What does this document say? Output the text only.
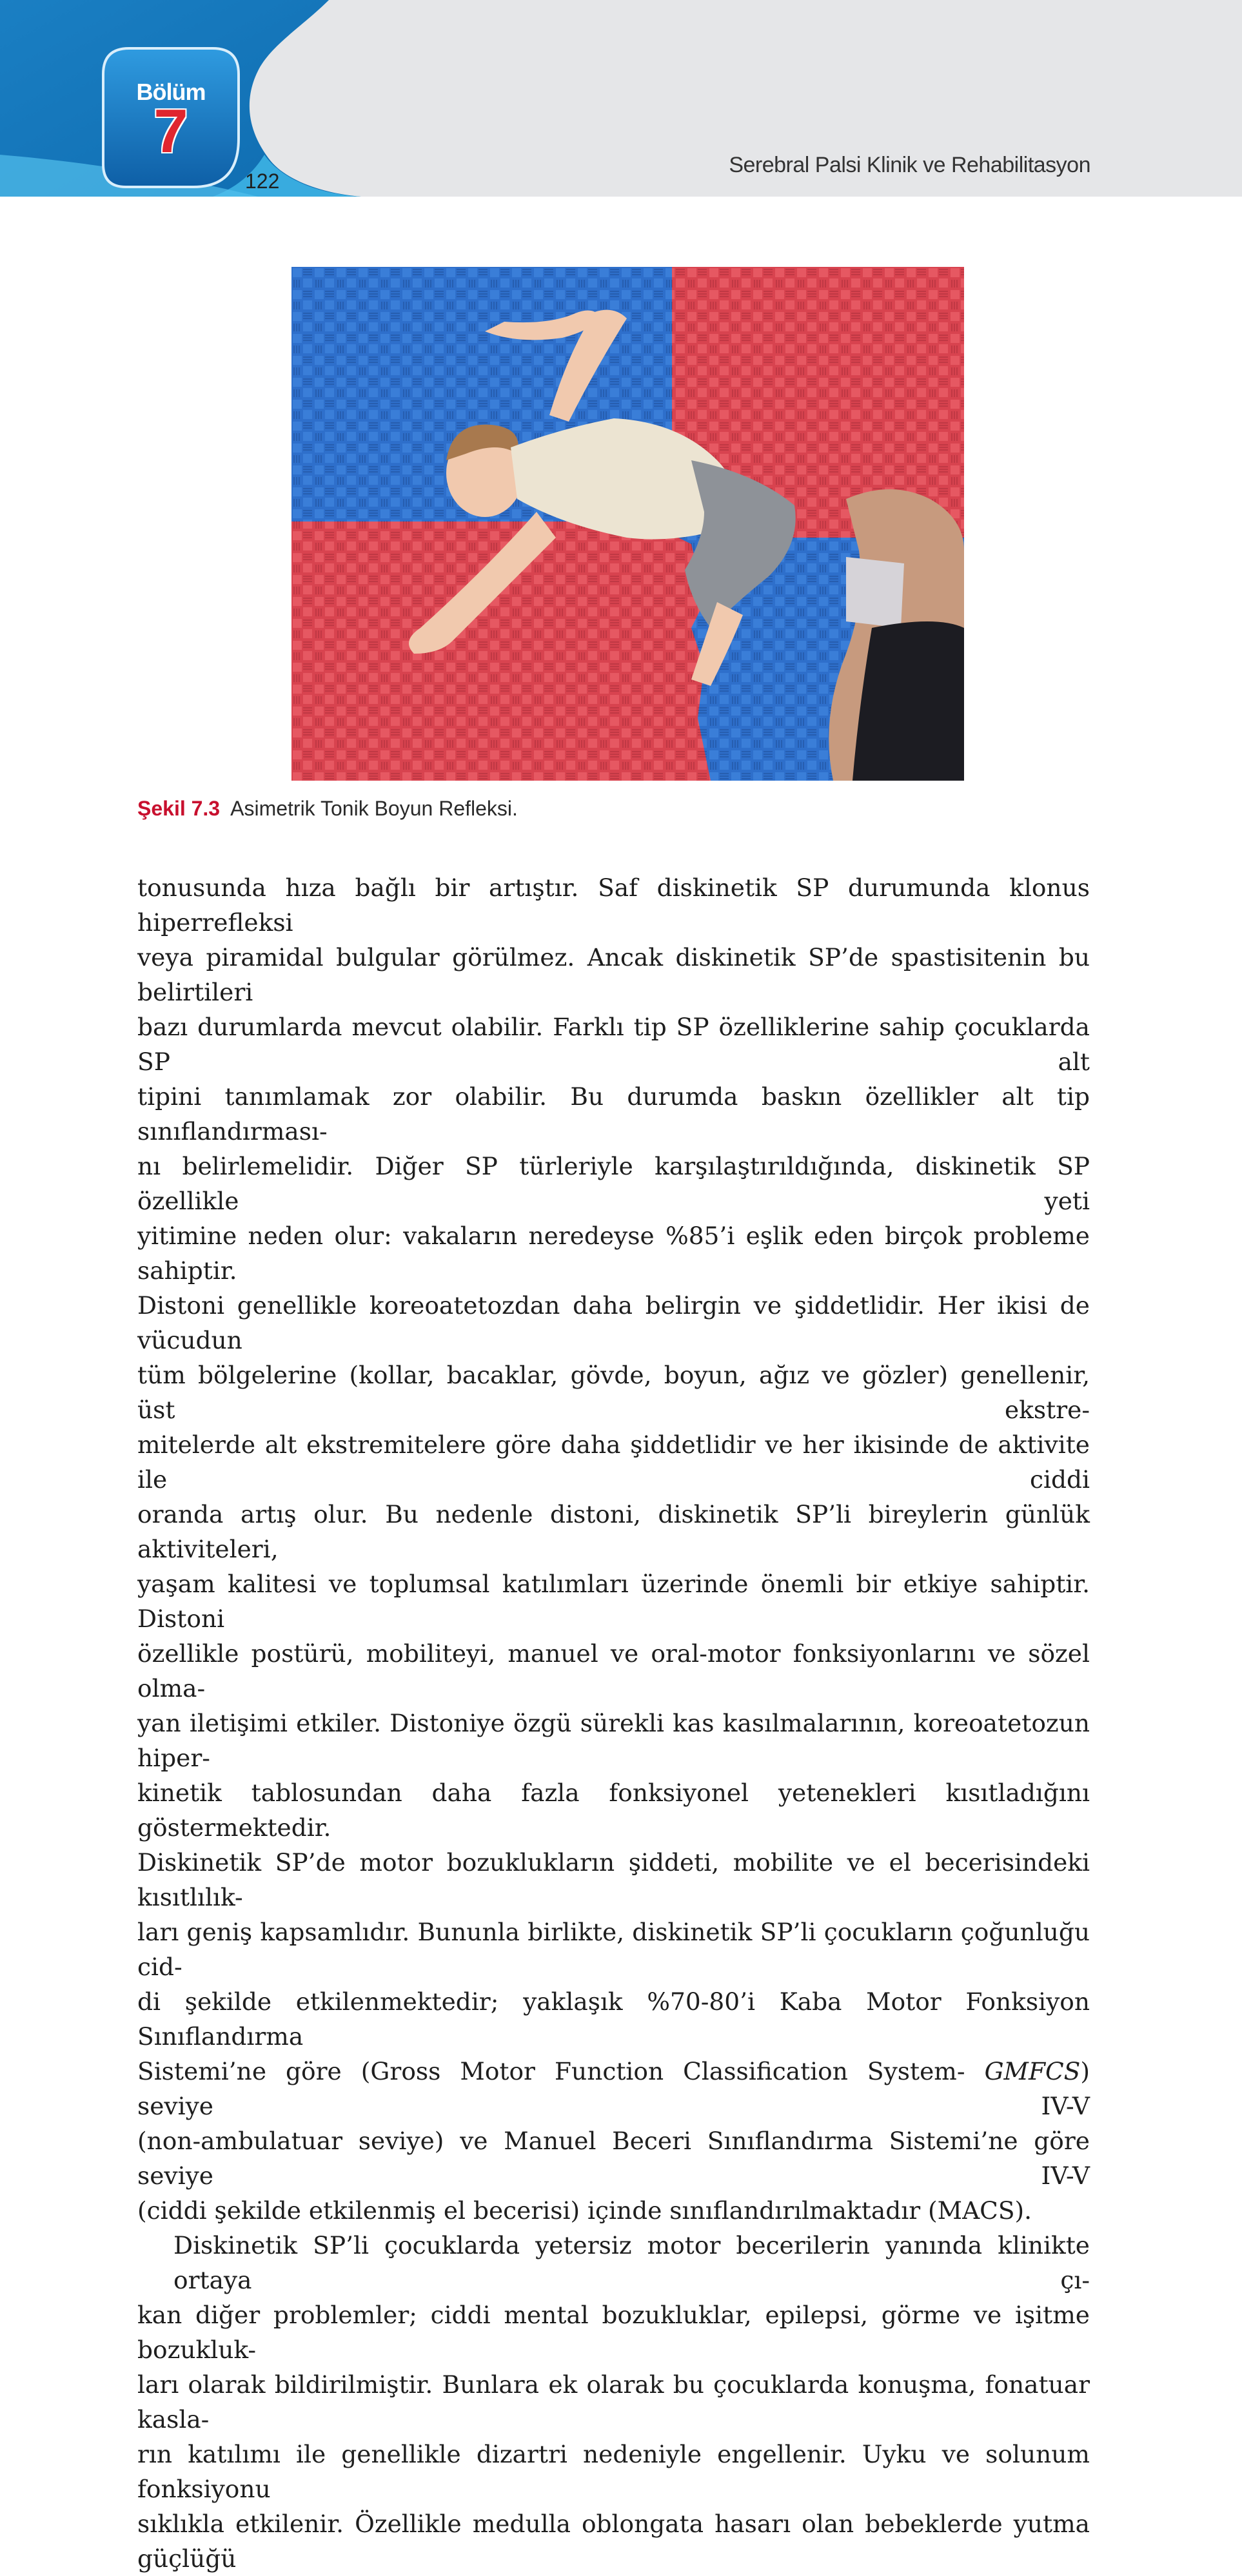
Bölüm
7
122
Serebral Palsi Klinik ve Rehabilitasyon
Şekil 7.3 Asimetrik Tonik Boyun Refleksi.

tonusunda hıza bağlı bir artıştır. Saf diskinetik SP durumunda klonus hiperrefleksi

veya piramidal bulgular görülmez. Ancak diskinetik SP’de spastisitenin bu belirtileri

bazı durumlarda mevcut olabilir. Farklı tip SP özelliklerine sahip çocuklarda SP alt

tipini tanımlamak zor olabilir. Bu durumda baskın özellikler alt tip sınıflandırması-

nı belirlemelidir. Diğer SP türleriyle karşılaştırıldığında, diskinetik SP özellikle yeti

yitimine neden olur: vakaların neredeyse %85’i eşlik eden birçok probleme sahiptir.

Distoni genellikle koreoatetozdan daha belirgin ve şiddetlidir. Her ikisi de vücudun

tüm bölgelerine (kollar, bacaklar, gövde, boyun, ağız ve gözler) genellenir, üst ekstre-

mitelerde alt ekstremitelere göre daha şiddetlidir ve her ikisinde de aktivite ile ciddi

oranda artış olur. Bu nedenle distoni, diskinetik SP’li bireylerin günlük aktiviteleri,

yaşam kalitesi ve toplumsal katılımları üzerinde önemli bir etkiye sahiptir. Distoni

özellikle postürü, mobiliteyi, manuel ve oral-motor fonksiyonlarını ve sözel olma-

yan iletişimi etkiler. Distoniye özgü sürekli kas kasılmalarının, koreoatetozun hiper-

kinetik tablosundan daha fazla fonksiyonel yetenekleri kısıtladığını göstermektedir.

Diskinetik SP’de motor bozuklukların şiddeti, mobilite ve el becerisindeki kısıtlılık-

ları geniş kapsamlıdır. Bununla birlikte, diskinetik SP’li çocukların çoğunluğu cid-

di şekilde etkilenmektedir; yaklaşık %70-80’i Kaba Motor Fonksiyon Sınıflandırma

Sistemi’ne göre (Gross Motor Function Classification System- GMFCS) seviye IV-V

(non-ambulatuar seviye) ve Manuel Beceri Sınıflandırma Sistemi’ne göre seviye IV-V

(ciddi şekilde etkilenmiş el becerisi) içinde sınıflandırılmaktadır (MACS).

Diskinetik SP’li çocuklarda yetersiz motor becerilerin yanında klinikte ortaya çı-

kan diğer problemler; ciddi mental bozukluklar, epilepsi, görme ve işitme bozukluk-

ları olarak bildirilmiştir. Bunlara ek olarak bu çocuklarda konuşma, fonatuar kasla-

rın katılımı ile genellikle dizartri nedeniyle engellenir. Uyku ve solunum fonksiyonu

sıklıkla etkilenir. Özellikle medulla oblongata hasarı olan bebeklerde yutma güçlüğü
